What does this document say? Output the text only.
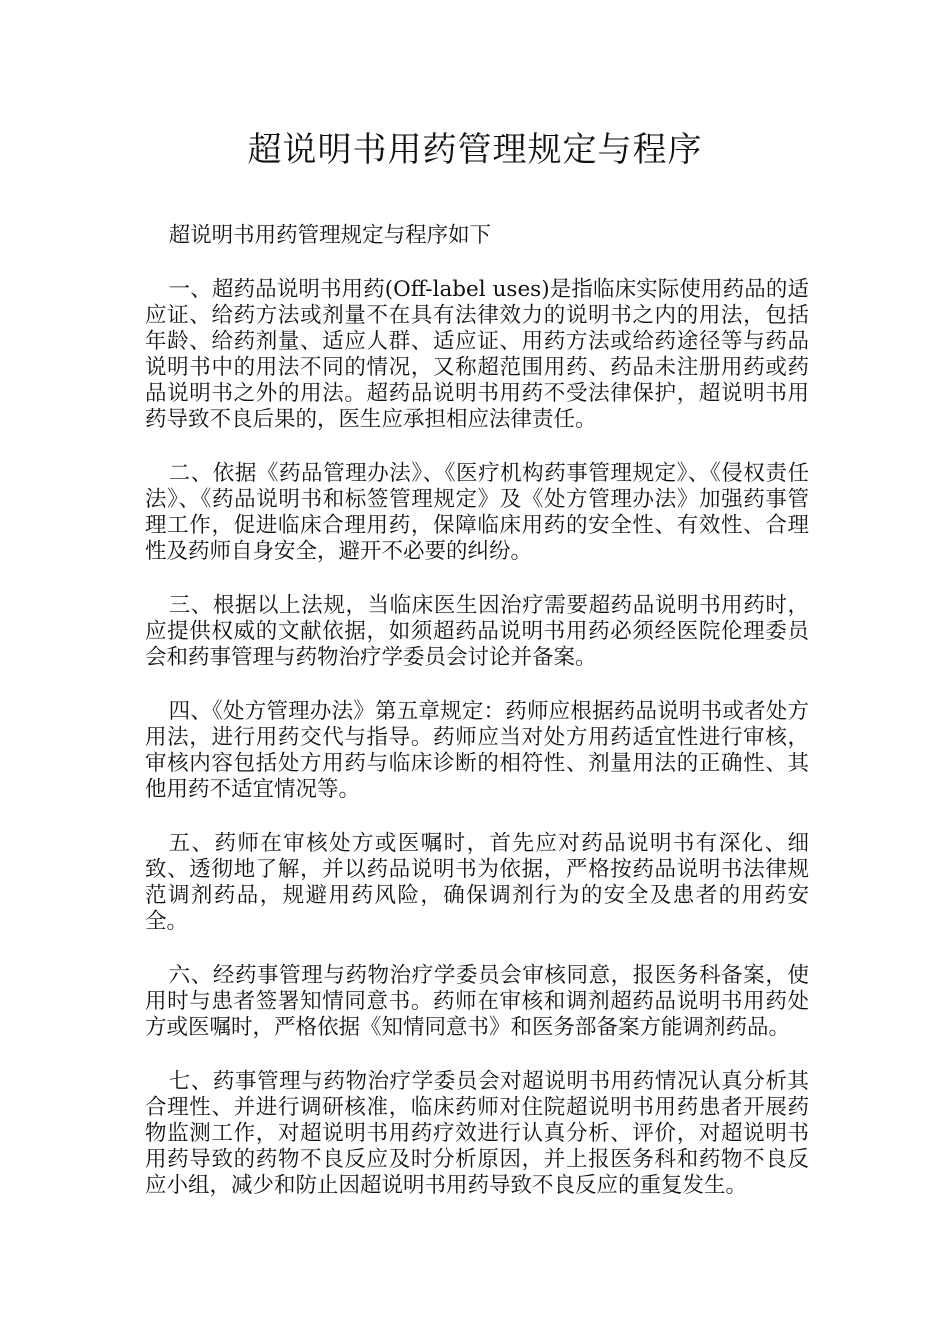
超说明书用药管理规定与程序

超说明书用药管理规定与程序如下

一、超药品说明书用药(Off-label uses)是指临床实际使用药品的适应证、给药方法或剂量不在具有法律效力的说明书之内的用法，包括年龄、给药剂量、适应人群、适应证、用药方法或给药途径等与药品说明书中的用法不同的情况，又称超范围用药、药品未注册用药或药品说明书之外的用法。超药品说明书用药不受法律保护，超说明书用药导致不良后果的，医生应承担相应法律责任。

二、依据《药品管理办法》、《医疗机构药事管理规定》、《侵权责任法》、《药品说明书和标签管理规定》及《处方管理办法》加强药事管理工作，促进临床合理用药，保障临床用药的安全性、有效性、合理性及药师自身安全，避开不必要的纠纷。

三、根据以上法规，当临床医生因治疗需要超药品说明书用药时，应提供权威的文献依据，如须超药品说明书用药必须经医院伦理委员会和药事管理与药物治疗学委员会讨论并备案。

四、《处方管理办法》第五章规定：药师应根据药品说明书或者处方用法，进行用药交代与指导。药师应当对处方用药适宜性进行审核，审核内容包括处方用药与临床诊断的相符性、剂量用法的正确性、其他用药不适宜情况等。

五、药师在审核处方或医嘱时，首先应对药品说明书有深化、细致、透彻地了解，并以药品说明书为依据，严格按药品说明书法律规范调剂药品，规避用药风险，确保调剂行为的安全及患者的用药安全。

六、经药事管理与药物治疗学委员会审核同意，报医务科备案，使用时与患者签署知情同意书。药师在审核和调剂超药品说明书用药处方或医嘱时，严格依据《知情同意书》和医务部备案方能调剂药品。

七、药事管理与药物治疗学委员会对超说明书用药情况认真分析其合理性、并进行调研核准，临床药师对住院超说明书用药患者开展药物监测工作，对超说明书用药疗效进行认真分析、评价，对超说明书用药导致的药物不良反应及时分析原因，并上报医务科和药物不良反应小组，减少和防止因超说明书用药导致不良反应的重复发生。
